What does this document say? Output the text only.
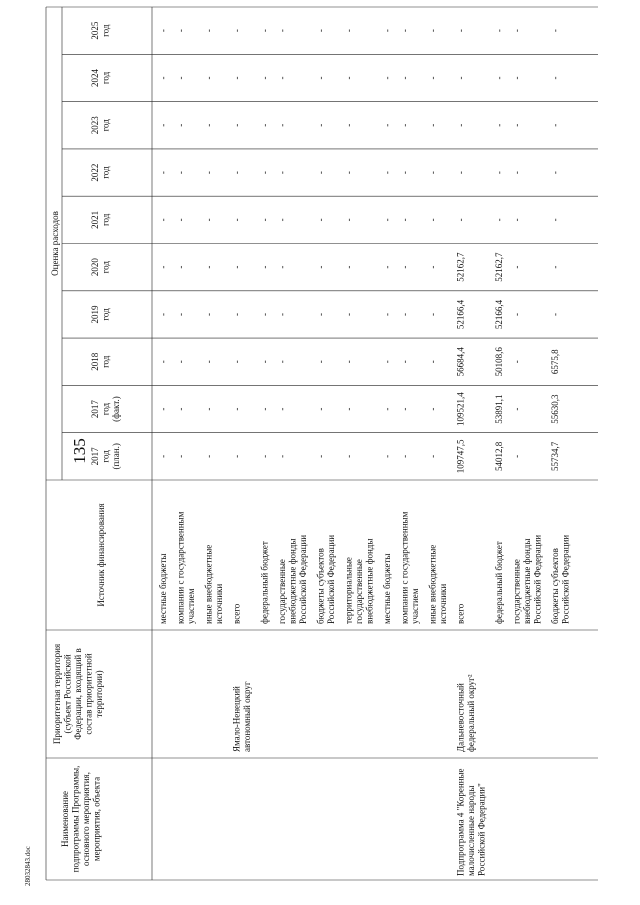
Наименованиеподпрограммы Программы,основного мероприятия,мероприятия, объекта
Приоритетная территория(субъект РоссийскойФедерации, входящий всостав приоритетнойтерритории)
Источник финансирования
Оценка расходов
2017год(план.)
2017год(факт.)
2018год
2019год
2020год
2021год
2022год
2023год
2024год
2025год
местные бюджеты
-
-
-
-
-
-
-
-
-
-
компании с государственнымучастием
-
-
-
-
-
-
-
-
-
-
иные внебюджетныеисточники
-
-
-
-
-
-
-
-
-
-
Ямало-Ненецкийавтономный округ
всего
-
-
-
-
-
-
-
-
-
-
федеральный бюджет
-
-
-
-
-
-
-
-
-
-
государственныевнебюджетные фондыРоссийской Федерации
-
-
-
-
-
-
-
-
-
-
бюджеты субъектовРоссийской Федерации
-
-
-
-
-
-
-
-
-
-
территориальныегосударственныевнебюджетные фонды
-
-
-
-
-
-
-
-
-
-
местные бюджеты
-
-
-
-
-
-
-
-
-
-
компании с государственнымучастием
-
-
-
-
-
-
-
-
-
-
иные внебюджетныеисточники
-
-
-
-
-
-
-
-
-
-
Подпрограмма 4 "Коренныемалочисленные народыРоссийской Федерации"
Дальневосточныйфедеральный округ²
всего
109747,5
109521,4
56684,4
52166,4
52162,7
-
-
-
-
-
федеральный бюджет
54012,8
53891,1
50108,6
52166,4
52162,7
-
-
-
-
-
государственныевнебюджетные фондыРоссийской Федерации
-
-
-
-
-
-
-
-
-
-
бюджеты субъектовРоссийской Федерации
55734,7
55630,3
6575,8
-
-
-
-
-
-
-
135
28032843.doc
